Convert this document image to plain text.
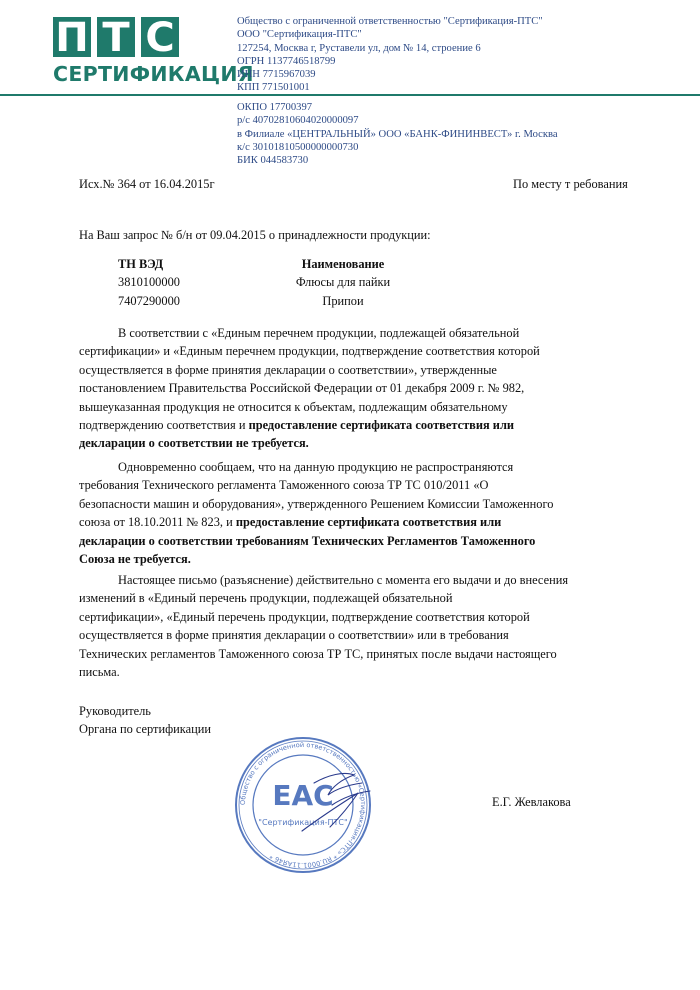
П Т С
СЕРТИФИКАЦИЯ
Общество с ограниченной ответственностью "Сертификация-ПТС"
ООО "Сертификация-ПТС"
127254, Москва г, Руставели ул, дом № 14, строение 6
ОГРН 1137746518799
ИНН 7715967039
КПП 771501001
ОКПО 17700397
р/с 40702810604020000097
в Филиале «ЦЕНТРАЛЬНЫЙ» ООО «БАНК-ФИНИНВЕСТ» г. Москва
к/с 30101810500000000730
БИК 044583730
Исх.№ 364 от 16.04.2015г	По месту т ребования
На Ваш запрос № б/н от 09.04.2015 о принадлежности продукции:
ТН ВЭД	Наименование
3810100000	Флюсы для пайки
7407290000	Припои
В соответствии с «Единым перечнем продукции, подлежащей обязательной
сертификации» и «Единым перечнем продукции, подтверждение соответствия которой
осуществляется в форме принятия декларации о соответствии», утвержденные
постановлением Правительства Российской Федерации от 01 декабря 2009 г. № 982,
вышеуказанная продукция не относится к объектам, подлежащим обязательному
подтверждению соответствия и предоставление сертификата соответствия или
декларации о соответствии не требуется.
Одновременно сообщаем, что на данную продукцию не распространяются
требования Технического регламента Таможенного союза ТР ТС 010/2011 «О
безопасности машин и оборудования», утвержденного Решением Комиссии Таможенного
союза от 18.10.2011 № 823, и предоставление сертификата соответствия или
декларации о соответствии требованиям Технических Регламентов Таможенного
Союза не требуется.
Настоящее письмо (разъяснение) действительно с момента его выдачи и до внесения
изменений в «Единый перечень продукции, подлежащей обязательной
сертификации», «Единый перечень продукции, подтверждение соответствия которой
осуществляется в форме принятия декларации о соответствии» или в требования
Технических регламентов Таможенного союза ТР ТС, принятых после выдачи настоящего
письма.
Руководитель
Органа по сертификации
Общество с ограниченной ответственностью «Сертификация-ПТС» * RU.0001.11АЯ46 *
ЕАС
"Сертификация-ПТС"
Е.Г. Жевлакова
